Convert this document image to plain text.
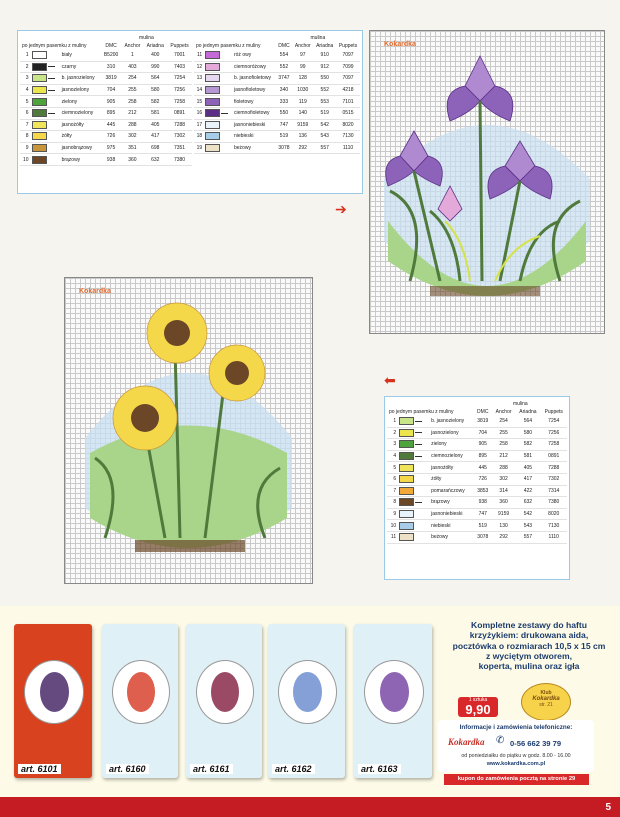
			mulina			
po jednym pasemku z muliny			DMC	Anchor	Ariadna	Puppets
1		biały	B5200	1	400	7001
2		czarny	310	403	990	7403
3		b. jasnozielony	3819	254	564	7254
4		jasnozielony	704	255	580	7256
5		zielony	905	258	582	7258
6		ciemnozielony	895	212	581	0891
7		jasnożółty	445	288	405	7288
8		żółty	726	302	417	7302
9		jasnobrązowy	975	351	698	7351
10		brązowy	938	360	632	7380
			mulina			
po jednym pasemku z muliny			DMC	Anchor	Ariadna	Puppets
11		róż owy	554	97	910	7097
12		ciemnoróżowy	552	99	912	7099
13		b. jasnofioletowy	3747	128	550	7097
14		jasnofioletowy	340	1030	552	4218
15		fioletowy	333	119	553	7101
16		ciemnofioletowy	550	140	519	0515
17		jasnoniebieski	747	9159	542	8020
18		niebieski	519	136	543	7130
19		beżowy	3078	292	557	1110
Kokardka
➔
Kokardka
⬅
			mulina			
po jednym pasemku z muliny			DMC	Anchor	Ariadna	Puppets
1		b. jasnozielony	3819	254	564	7254
2		jasnozielony	704	255	580	7256
3		zielony	905	258	582	7258
4		ciemnozielony	895	212	581	0891
5		jasnożółty	445	288	405	7288
6		żółty	726	302	417	7302
7		pomarańczowy	3853	314	422	7314
8		brązowy	938	360	632	7380
9		jasnoniebieski	747	9159	542	8020
10		niebieski	519	130	543	7130
11		beżowy	3078	292	557	1110
art. 6101	art. 6160	art. 6161	art. 6162	art. 6163
Kompletne zestawy do haftu
krzyżykiem: drukowana aida,
pocztówka o rozmiarach 10,5 x 15 cm
z wyciętym otworem,
koperta, mulina oraz igła
1 sztuka
9,90
Klub
Kokardka
str. 21
Informacje i zamówienia telefoniczne:
Kokardka ✆ 0-56 662 39 79
od poniedziałku do piątku w godz. 8.00 - 16.00
www.kokardka.com.pl
kupon do zamówienia pocztą na stronie 29
5
